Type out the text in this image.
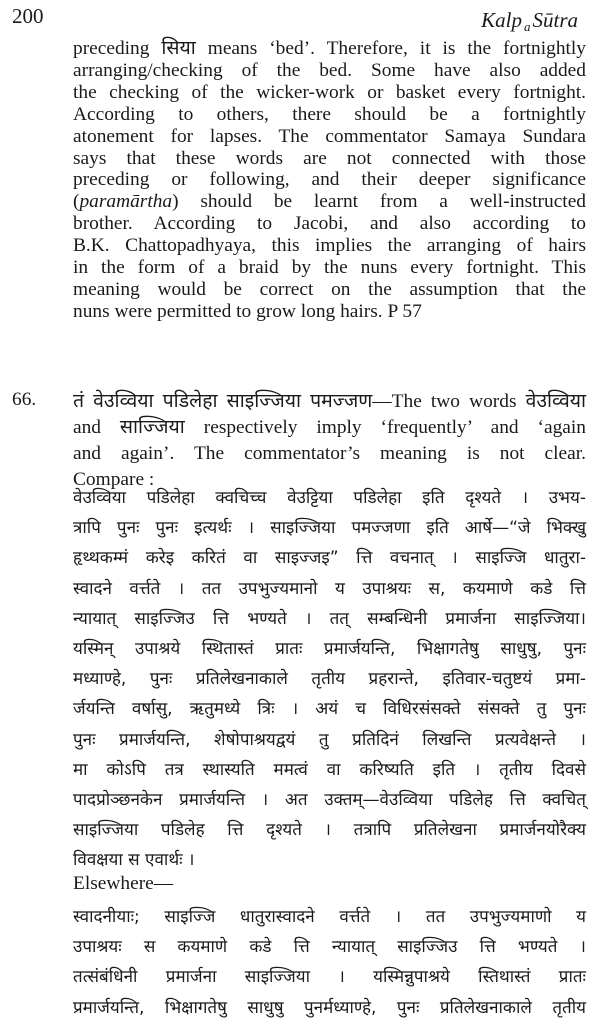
200	Kalp aSūtra
preceding सिया means ‘bed’. Therefore, it is the fortnightly
arranging/checking of the bed. Some have also added
the checking of the wicker-work or basket every fortnight.
According to others, there should be a fortnightly
atonement for lapses. The commentator Samaya Sundara
says that these words are not connected with those
preceding or following, and their deeper significance
(paramārtha) should be learnt from a well-instructed
brother. According to Jacobi, and also according to
B.K. Chattopadhyaya, this implies the arranging of hairs
in the form of a braid by the nuns every fortnight. This
meaning would be correct on the assumption that the
nuns were permitted to grow long hairs. P 57
66. तं वेउव्विया पडिलेहा साइज्जिया पमज्जण—The two words वेउव्विया
and साज्जिया respectively imply ‘frequently’ and ‘again
and again’. The commentator’s meaning is not clear.
Compare :
वेउव्विया पडिलेहा क्वचिच्च वेउट्टिया पडिलेहा इति दृश्यते । उभय-
त्रापि पुनः पुनः इत्यर्थः । साइज्जिया पमज्जणा इति आर्षे—“जे भिक्खु
हृथ्थकम्मं करेइ करितं वा साइज्जइ” त्ति वचनात् । साइज्जि धातुरा-
स्वादने वर्त्तते । तत उपभुज्यमानो य उपाश्रयः स, कयमाणे कडे त्ति
न्यायात् साइज्जिउ त्ति भण्यते । तत् सम्बन्धिनी प्रमार्जना साइज्जिया।
यस्मिन् उपाश्रये स्थितास्तं प्रातः प्रमार्जयन्ति, भिक्षागतेषु साधुषु, पुनः
मध्याण्हे, पुनः प्रतिलेखनाकाले तृतीय प्रहरान्ते, इतिवार-चतुष्टयं प्रमा-
र्जयन्ति वर्षासु, ऋतुमध्ये त्रिः । अयं च विधिरसंसक्ते संसक्ते तु पुनः
पुनः प्रमार्जयन्ति, शेषोपाश्रयद्वयं तु प्रतिदिनं लिखन्ति प्रत्यवेक्षन्ते ।
मा कोऽपि तत्र स्थास्यति ममत्वं वा करिष्यति इति । तृतीय दिवसे
पादप्रोञ्छनकेन प्रमार्जयन्ति । अत उक्तम्—वेउव्विया पडिलेह त्ति क्वचित्
साइज्जिया पडिलेह त्ति दृश्यते । तत्रापि प्रतिलेखना प्रमार्जनयोरैक्य
विवक्षया स एवार्थः ।
Elsewhere—
स्वादनीयाः; साइज्जि धातुरास्वादने वर्त्तते । तत उपभुज्यमाणो य
उपाश्रयः स कयमाणे कडे त्ति न्यायात् साइज्जिउ त्ति भण्यते ।
तत्संबंधिनी प्रमार्जना साइज्जिया । यस्मिन्नुपाश्रये स्तिथास्तं प्रातः
प्रमार्जयन्ति, भिक्षागतेषु साधुषु पुनर्मध्याण्हे, पुनः प्रतिलेखनाकाले तृतीय
